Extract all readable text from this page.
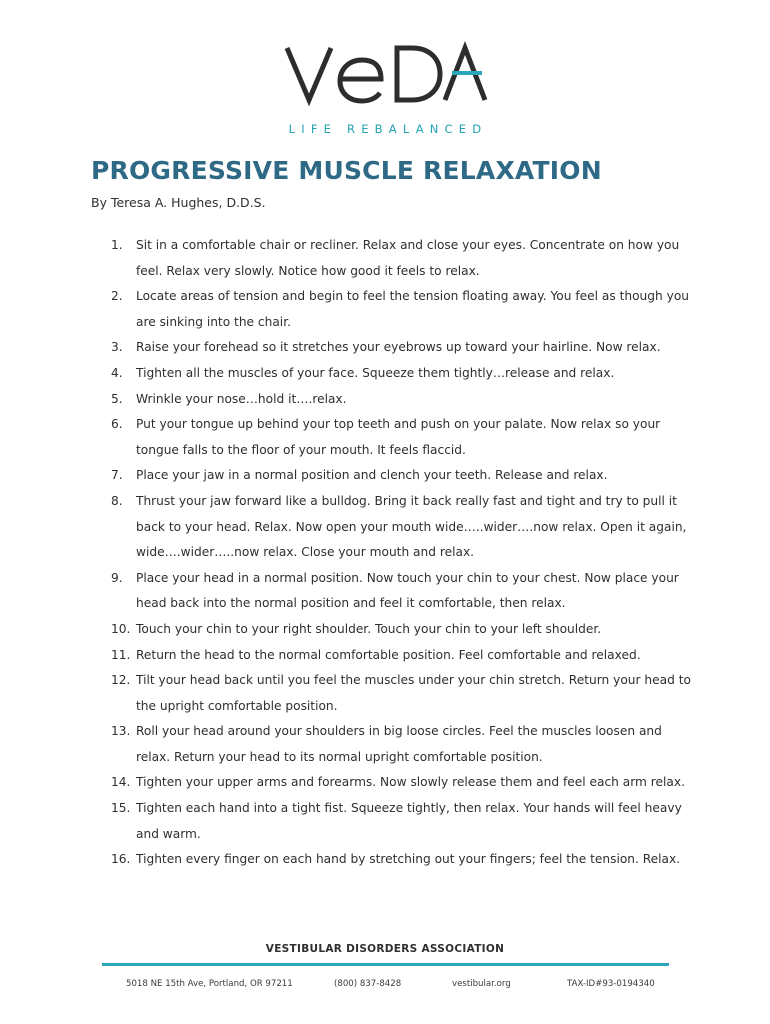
LIFE REBALANCED
PROGRESSIVE MUSCLE RELAXATION
By Teresa A. Hughes, D.D.S.
1.	Sit in a comfortable chair or recliner. Relax and close your eyes. Concentrate on how you feel. Relax very slowly. Notice how good it feels to relax.
2.	Locate areas of tension and begin to feel the tension floating away. You feel as though you are sinking into the chair.
3.	Raise your forehead so it stretches your eyebrows up toward your hairline. Now relax.
4.	Tighten all the muscles of your face. Squeeze them tightly…release and relax.
5.	Wrinkle your nose…hold it….relax.
6.	Put your tongue up behind your top teeth and push on your palate. Now relax so your tongue falls to the floor of your mouth. It feels flaccid.
7.	Place your jaw in a normal position and clench your teeth. Release and relax.
8.	Thrust your jaw forward like a bulldog. Bring it back really fast and tight and try to pull it back to your head. Relax. Now open your mouth wide…..wider….now relax. Open it again, wide….wider…..now relax. Close your mouth and relax.
9.	Place your head in a normal position. Now touch your chin to your chest. Now place your head back into the normal position and feel it comfortable, then relax.
10. Touch your chin to your right shoulder. Touch your chin to your left shoulder.
11. Return the head to the normal comfortable position. Feel comfortable and relaxed.
12. Tilt your head back until you feel the muscles under your chin stretch. Return your head to the upright comfortable position.
13. Roll your head around your shoulders in big loose circles. Feel the muscles loosen and relax. Return your head to its normal upright comfortable position.
14. Tighten your upper arms and forearms. Now slowly release them and feel each arm relax.
15. Tighten each hand into a tight fist. Squeeze tightly, then relax. Your hands will feel heavy and warm.
16. Tighten every finger on each hand by stretching out your fingers; feel the tension. Relax.
VESTIBULAR DISORDERS ASSOCIATION
5018 NE 15th Ave, Portland, OR 97211	(800) 837-8428	vestibular.org	TAX-ID#93-0194340
